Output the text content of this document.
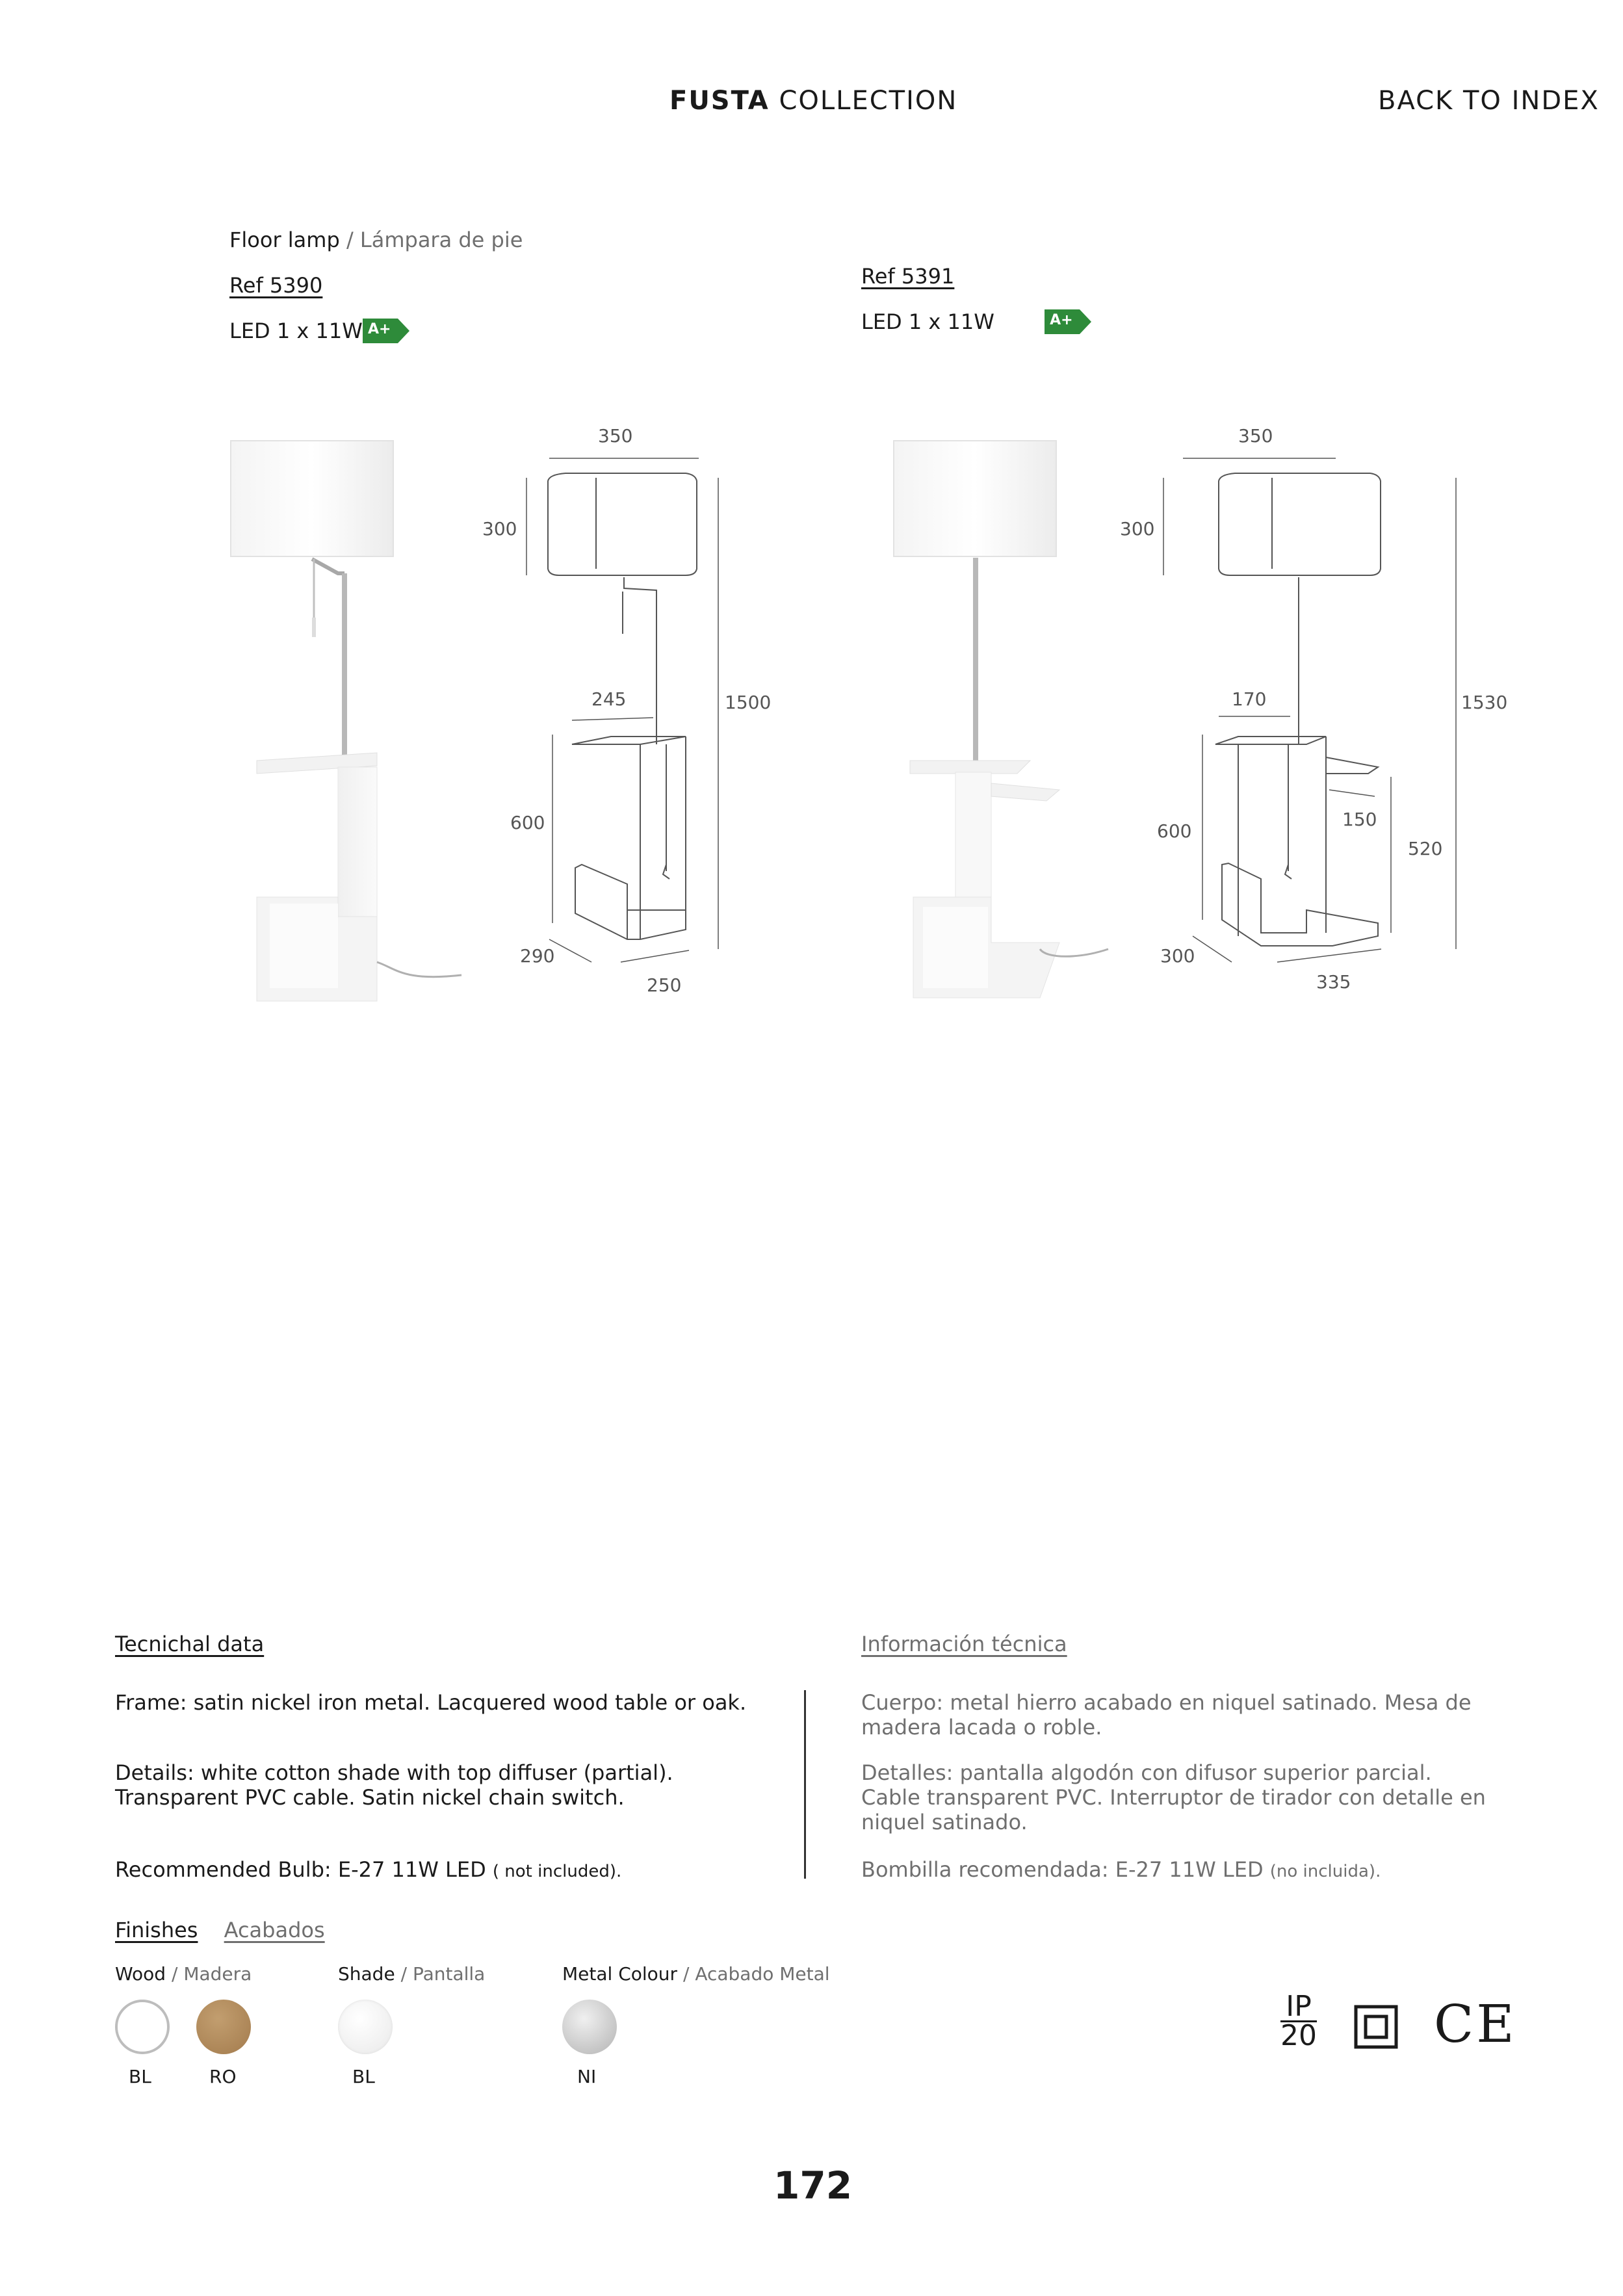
FUSTA COLLECTION	BACK TO INDEX
Floor lamp / Lámpara de pie
Ref 5390
LED 1 x 11W A+

Ref 5391
LED 1 x 11W	A+
350
300
1500
245
600
290
250
350
300
1530
170
150
520
600
300
335
Tecnichal data
Frame: satin nickel iron metal. Lacquered wood table or oak.
Details: white cotton shade with top diffuser (partial).
Transparent PVC cable. Satin nickel chain switch.
Recommended Bulb: E-27 11W LED ( not included).
Información técnica
Cuerpo: metal hierro acabado en niquel satinado. Mesa de
madera lacada o roble.
Detalles: pantalla algodón con difusor superior parcial.
Cable transparent PVC. Interruptor de tirador con detalle en
niquel satinado.
Bombilla recomendada: E-27 11W LED (no incluida).
Finishes Acabados
Wood / Madera	Shade / Pantalla	Metal Colour / Acabado Metal
BL	RO	BL	NI
IP
20 CE
172
